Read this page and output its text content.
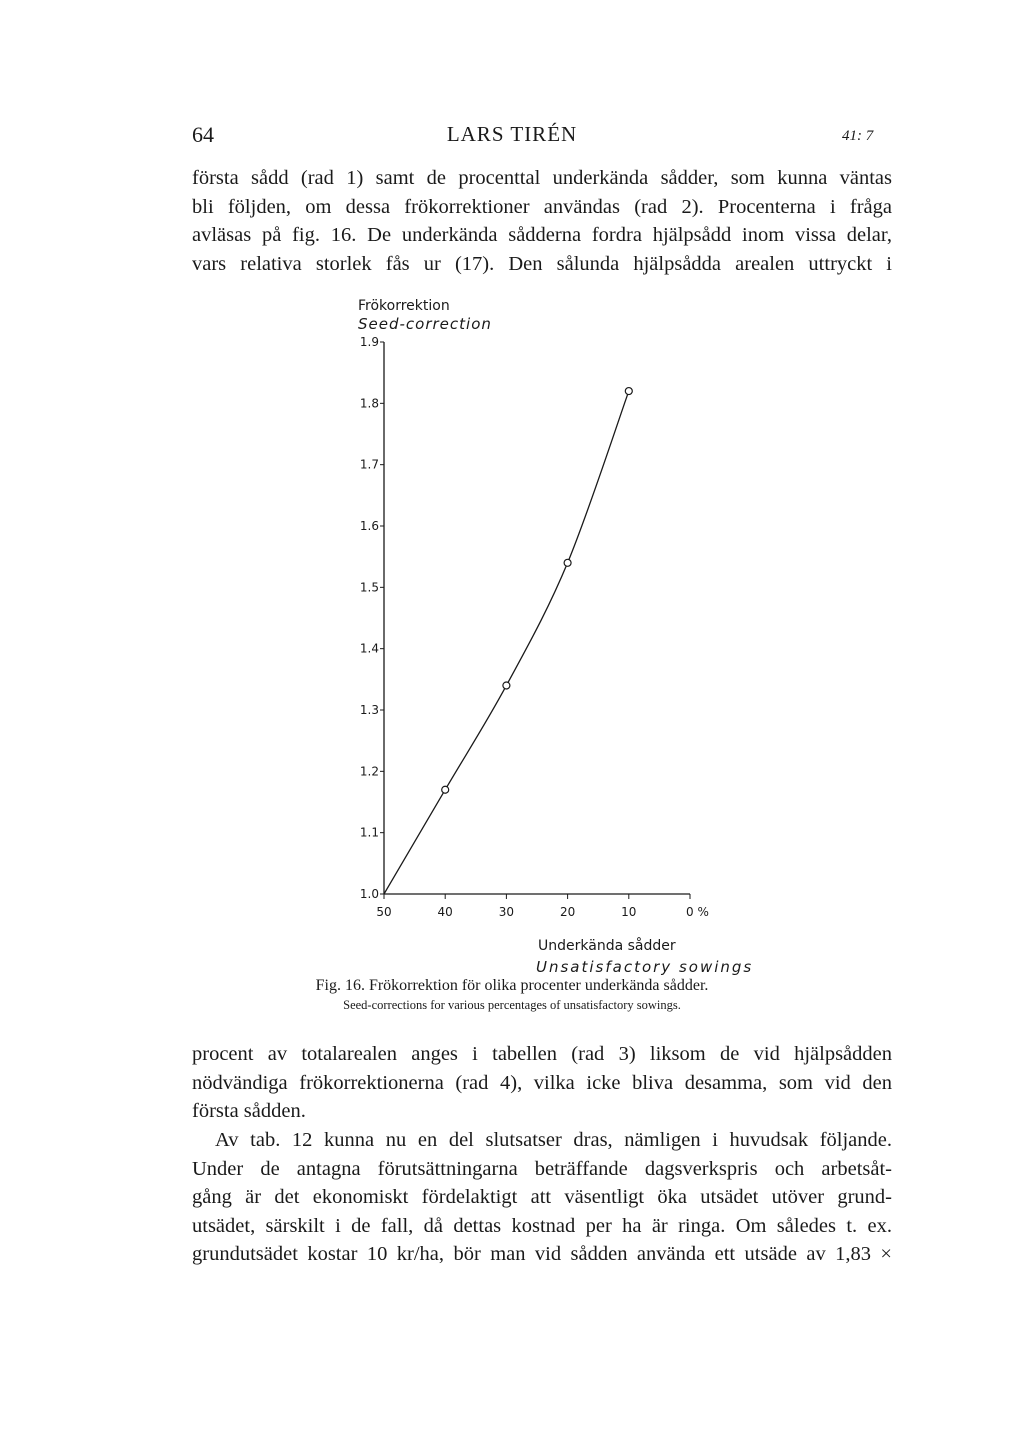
64	LARS TIRÉN	41: 7
första sådd (rad 1) samt de procenttal underkända sådder, som kunna väntas
bli följden, om dessa frökorrektioner användas (rad 2). Procenterna i fråga
avläsas på fig. 16. De underkända sådderna fordra hjälpsådd inom vissa delar,
vars relativa storlek fås ur (17). Den sålunda hjälpsådda arealen uttryckt i
Frökorrektion
Seed-correction
1.0
1.1
1.2
1.3
1.4
1.5
1.6
1.7
1.8
1.9
50	40	30	20	10	0 %
Underkända sådder
Unsatisfactory sowings
Fig. 16. Frökorrektion för olika procenter underkända sådder.
Seed-corrections for various percentages of unsatisfactory sowings.
procent av totalarealen anges i tabellen (rad 3) liksom de vid hjälpsådden
nödvändiga frökorrektionerna (rad 4), vilka icke bliva desamma, som vid den
första sådden.
Av tab. 12 kunna nu en del slutsatser dras, nämligen i huvudsak följande.
Under de antagna förutsättningarna beträffande dagsverkspris och arbetsåt-
gång är det ekonomiskt fördelaktigt att väsentligt öka utsädet utöver grund-
utsädet, särskilt i de fall, då dettas kostnad per ha är ringa. Om således t. ex.
grundutsädet kostar 10 kr/ha, bör man vid sådden använda ett utsäde av 1,83 ×
